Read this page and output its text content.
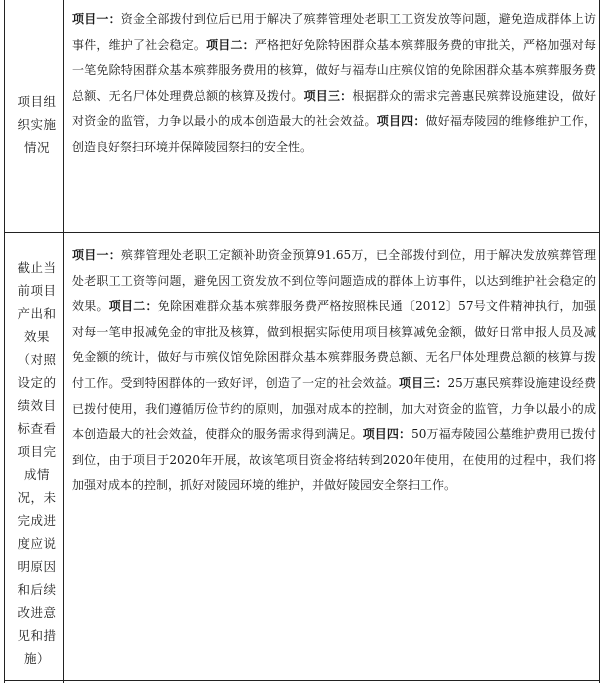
项目组织实施情况
项目一：资金全部拨付到位后已用于解决了殡葬管理处老职工工资发放等问题，避免造成群体上访事件，维护了社会稳定。项目二：严格把好免除特困群众基本殡葬服务费的审批关，严格加强对每一笔免除特困群众基本殡葬服务费用的核算，做好与福寿山庄殡仪馆的免除困群众基本殡葬服务费总额、无名尸体处理费总额的核算及拨付。项目三：根据群众的需求完善惠民殡葬设施建设，做好对资金的监管，力争以最小的成本创造最大的社会效益。项目四：做好福寿陵园的维修维护工作，创造良好祭扫环境并保障陵园祭扫的安全性。
截止当前项目产出和效果（对照设定的绩效目标查看项目完成情况，未完成进度应说明原因和后续改进意见和措施）
项目一：殡葬管理处老职工定额补助资金预算91.65万，已全部拨付到位，用于解决发放殡葬管理处老职工工资等问题，避免因工资发放不到位等问题造成的群体上访事件，以达到维护社会稳定的效果。项目二：免除困难群众基本殡葬服务费严格按照株民通〔2012〕57号文件精神执行，加强对每一笔申报减免金的审批及核算，做到根据实际使用项目核算减免金额，做好日常申报人员及减免金额的统计，做好与市殡仪馆免除困群众基本殡葬服务费总额、无名尸体处理费总额的核算与拨付工作。受到特困群体的一致好评，创造了一定的社会效益。项目三：25万惠民殡葬设施建设经费已拨付使用，我们遵循厉俭节约的原则，加强对成本的控制，加大对资金的监管，力争以最小的成本创造最大的社会效益，使群众的服务需求得到满足。项目四：50万福寿陵园公墓维护费用已拨付到位，由于项目于2020年开展，故该笔项目资金将结转到2020年使用，在使用的过程中，我们将加强对成本的控制，抓好对陵园环境的维护，并做好陵园安全祭扫工作。
